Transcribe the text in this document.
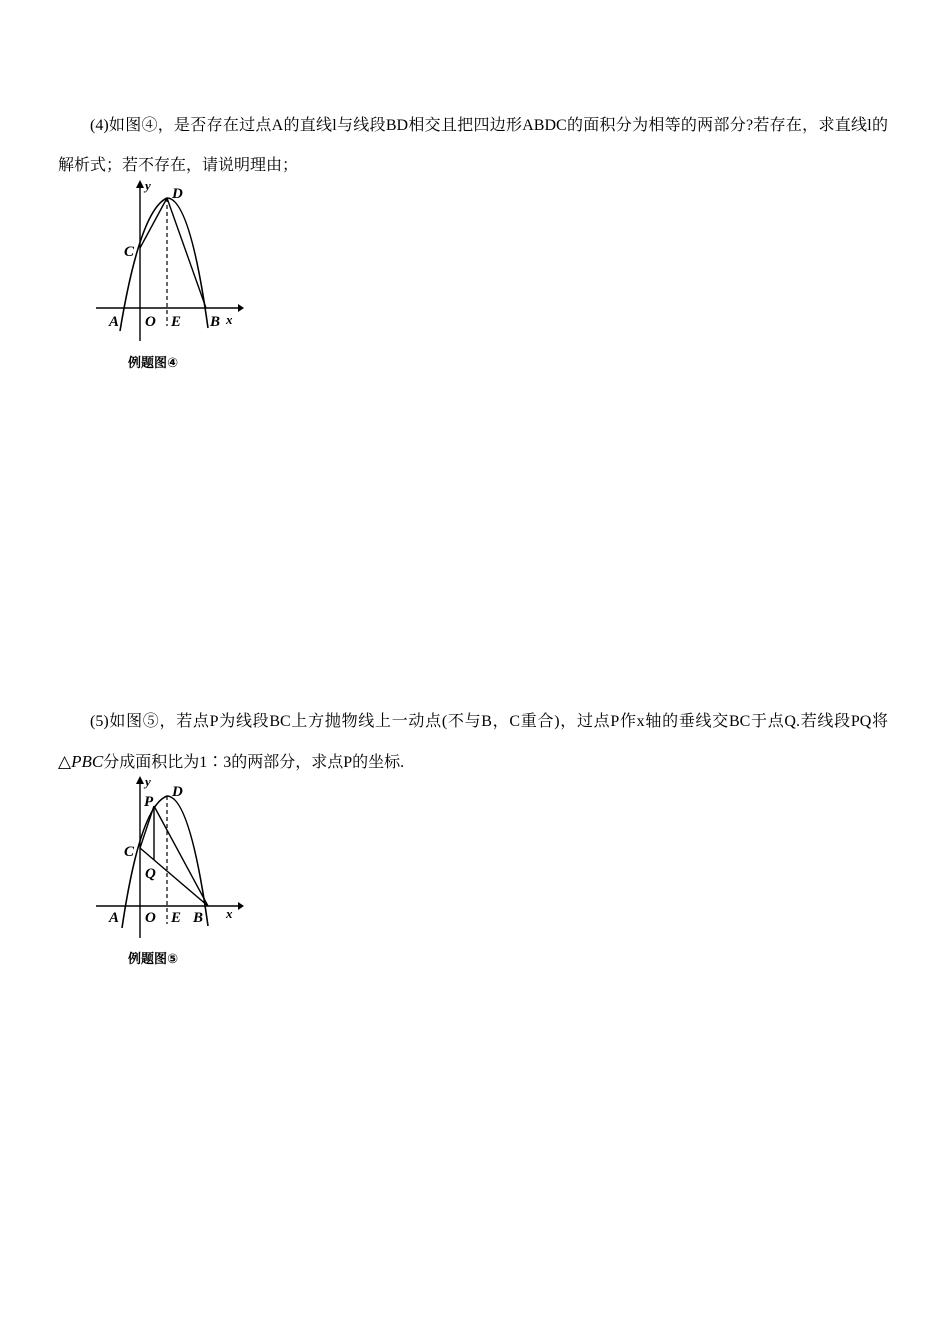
(4)如图④，是否存在过点A的直线l与线段BD相交且把四边形ABDC的面积分为相等的两部分?若存在，求直线l的解析式；若不存在，请说明理由；

y
D
C
A O E B x
例题图④

(5)如图⑤，若点P为线段BC上方抛物线上一动点(不与B，C重合)，过点P作x轴的垂线交BC于点Q.若线段PQ将△PBC分成面积比为1∶3的两部分，求点P的坐标.

y
P
D
C
Q
A O E B x
例题图⑤
